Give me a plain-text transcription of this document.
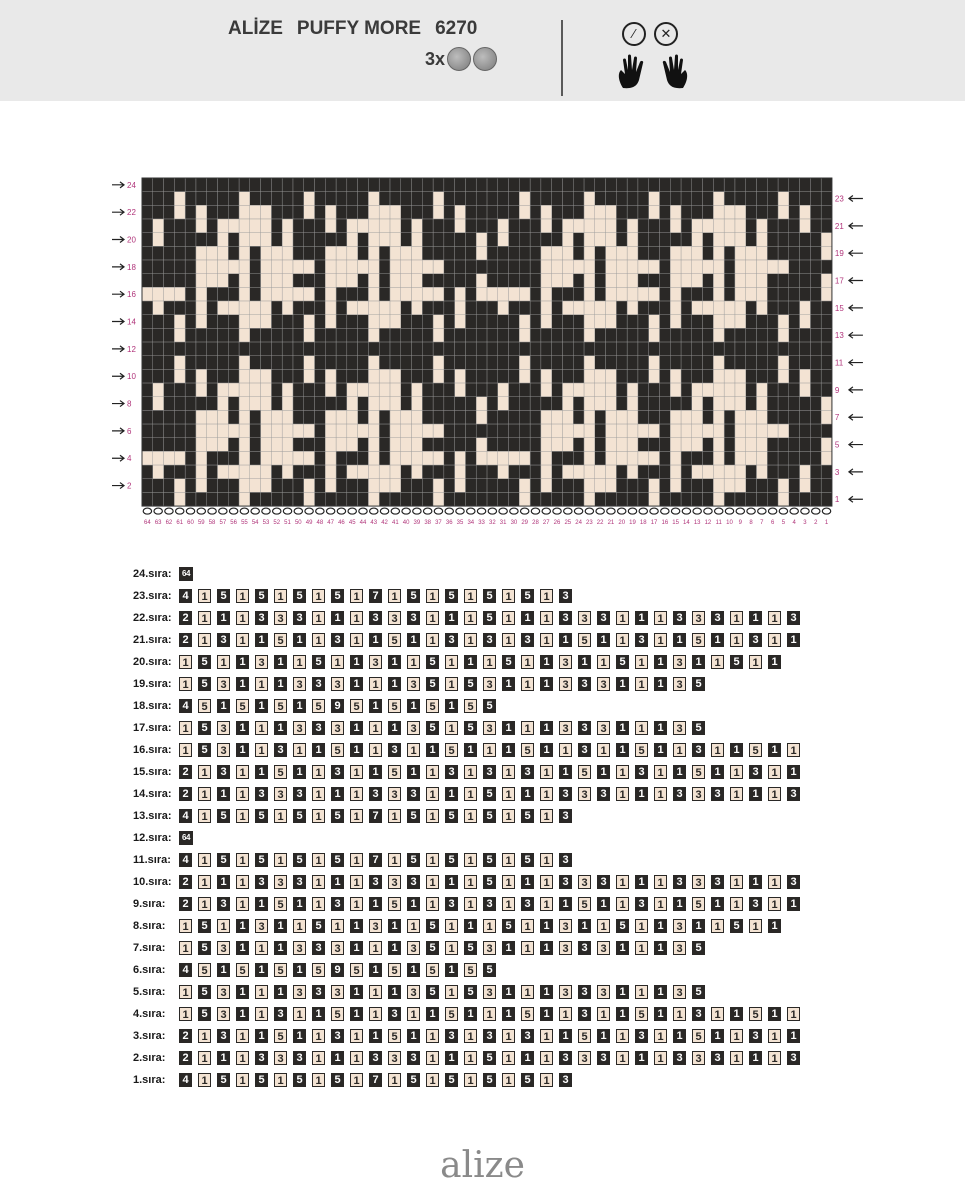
ALİZE PUFFY MORE 6270
3x
⁄	✕
24
22
20
18
16
14
12
10
8
6
4
2
23
21
19
17
15
13
11
9
7
5
3
1
64 63 62 61 60 59 58 57 56 55 54 53 52 51 50 49 48 47 46 45 44 43 42 41 40 39 38 37 36 35 34 33 32 31 30 29 28 27 26 25 24 23 22 21 20 19 18 17 16 15 14 13 12 11 10 9 8 7 6 5 4 3 2 1
24.sıra:	64
23.sıra: 4	1	5	1	5	1	5	1	5	1	7	1	5	1	5	1	5	1	5	1	3
22.sıra: 2	1	1	1	3	3	3	1	1	1	3	3	3	1	1	1	5	1	1	1	3	3	3	1	1	1	3	3	3	1	1	1	3
21.sıra: 2	1	3	1	1	5	1	1	3	1	1	5	1	1	3	1	3	1	3	1	1	5	1	1	3	1	1	5	1	1	3	1	1
20.sıra: 1	5	1	1	3	1	1	5	1	1	3	1	1	5	1	1	1	5	1	1	3	1	1	5	1	1	3	1	1	5	1	1
19.sıra: 1	5	3	1	1	1	3	3	3	1	1	1	3	5	1	5	3	1	1	1	3	3	3	1	1	1	3	5
18.sıra: 4	5	1	5	1	5	1	5	9	5	1	5	1	5	1	5	5
17.sıra: 1	5	3	1	1	1	3	3	3	1	1	1	3	5	1	5	3	1	1	1	3	3	3	1	1	1	3	5
16.sıra: 1	5	3	1	1	3	1	1	5	1	1	3	1	1	5	1	1	1	5	1	1	3	1	1	5	1	1	3	1	1	5	1	1
15.sıra: 2	1	3	1	1	5	1	1	3	1	1	5	1	1	3	1	3	1	3	1	1	5	1	1	3	1	1	5	1	1	3	1	1
14.sıra: 2	1	1	1	3	3	3	1	1	1	3	3	3	1	1	1	5	1	1	1	3	3	3	1	1	1	3	3	3	1	1	1	3
13.sıra: 4	1	5	1	5	1	5	1	5	1	7	1	5	1	5	1	5	1	5	1	3
12.sıra:	64
11.sıra:	4	1	5	1	5	1	5	1	5	1	7	1	5	1	5	1	5	1	5	1	3
10.sıra: 2	1	1	1	3	3	3	1	1	1	3	3	3	1	1	1	5	1	1	1	3	3	3	1	1	1	3	3	3	1	1	1	3
9.sıra:	2	1	3	1	1	5	1	1	3	1	1	5	1	1	3	1	3	1	3	1	1	5	1	1	3	1	1	5	1	1	3	1	1
8.sıra:	1	5	1	1	3	1	1	5	1	1	3	1	1	5	1	1	1	5	1	1	3	1	1	5	1	1	3	1	1	5	1	1
7.sıra:	1	5	3	1	1	1	3	3	3	1	1	1	3	5	1	5	3	1	1	1	3	3	3	1	1	1	3	5
6.sıra:	4	5	1	5	1	5	1	5	9	5	1	5	1	5	1	5	5
5.sıra:	1	5	3	1	1	1	3	3	3	1	1	1	3	5	1	5	3	1	1	1	3	3	3	1	1	1	3	5
4.sıra:	1	5	3	1	1	3	1	1	5	1	1	3	1	1	5	1	1	1	5	1	1	3	1	1	5	1	1	3	1	1	5	1	1
3.sıra:	2	1	3	1	1	5	1	1	3	1	1	5	1	1	3	1	3	1	3	1	1	5	1	1	3	1	1	5	1	1	3	1	1
2.sıra:	2	1	1	1	3	3	3	1	1	1	3	3	3	1	1	1	5	1	1	1	3	3	3	1	1	1	3	3	3	1	1	1	3
1.sıra:	4	1	5	1	5	1	5	1	5	1	7	1	5	1	5	1	5	1	5	1	3
alize
